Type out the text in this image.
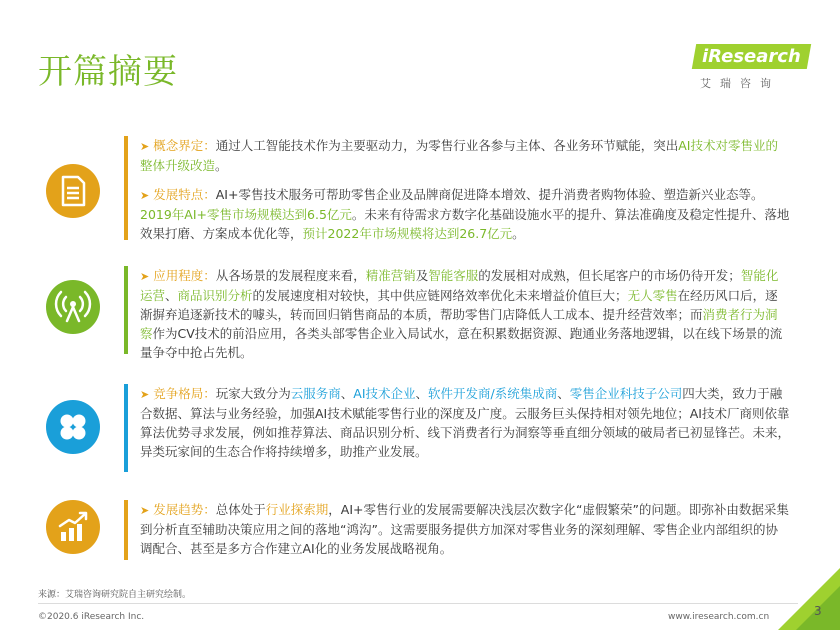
开篇摘要	iResearch
艾瑞咨询

➤ 概念界定：通过人工智能技术作为主要驱动力，为零售行业各参与主体、各业务环节赋能，突出AI技术对零售业的整体升级改造。

➤ 发展特点：AI+零售技术服务可帮助零售企业及品牌商促进降本增效、提升消费者购物体验、塑造新兴业态等。2019年AI+零售市场规模达到6.5亿元。未来有待需求方数字化基础设施水平的提升、算法准确度及稳定性提升、落地效果打磨、方案成本优化等，预计2022年市场规模将达到26.7亿元。

➤ 应用程度：从各场景的发展程度来看，精准营销及智能客服的发展相对成熟，但长尾客户的市场仍待开发；智能化运营、商品识别分析的发展速度相对较快，其中供应链网络效率优化未来增益价值巨大；无人零售在经历风口后，逐渐摒弃追逐新技术的噱头，转而回归销售商品的本质，帮助零售门店降低人工成本、提升经营效率；而消费者行为洞察作为CV技术的前沿应用，各类头部零售企业入局试水，意在积累数据资源、跑通业务落地逻辑，以在线下场景的流量争夺中抢占先机。

➤ 竞争格局：玩家大致分为云服务商、AI技术企业、软件开发商/系统集成商、零售企业科技子公司四大类，致力于融合数据、算法与业务经验，加强AI技术赋能零售行业的深度及广度。云服务巨头保持相对领先地位；AI技术厂商则依靠算法优势寻求发展，例如推荐算法、商品识别分析、线下消费者行为洞察等垂直细分领域的破局者已初显锋芒。未来，异类玩家间的生态合作将持续增多，助推产业发展。

➤ 发展趋势：总体处于行业探索期，AI+零售行业的发展需要解决浅层次数字化“虚假繁荣”的问题。即弥补由数据采集到分析直至辅助决策应用之间的落地“鸿沟”。这需要服务提供方加深对零售业务的深刻理解、零售企业内部组织的协调配合、甚至是多方合作建立AI化的业务发展战略视角。

来源：艾瑞咨询研究院自主研究绘制。
©2020.6 iResearch Inc.	www.iresearch.com.cn	3
